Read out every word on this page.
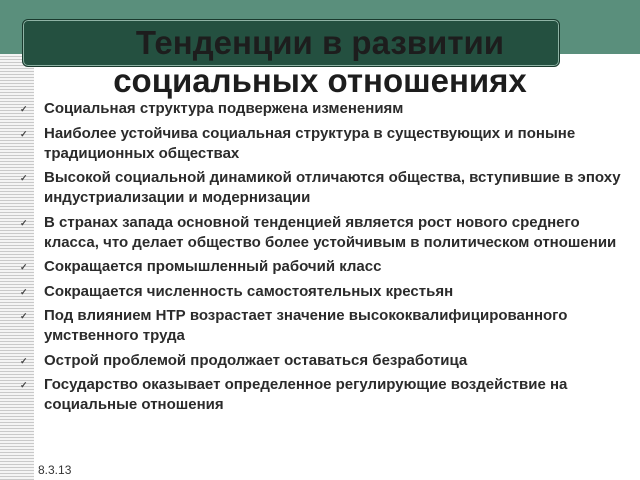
Тенденции в развитии
социальных отношениях
✓ Социальная структура подвержена изменениям
✓ Наиболее устойчива социальная структура в существующих и поныне традиционных обществах
✓ Высокой социальной динамикой отличаются общества, вступившие в эпоху индустриализации и модернизации
✓ В странах запада основной тенденцией является рост нового среднего класса, что делает общество более устойчивым в политическом отношении
✓ Сокращается промышленный рабочий класс
✓ Сокращается численность самостоятельных крестьян
✓ Под влиянием НТР возрастает значение высококвалифицированного умственного труда
✓ Острой проблемой продолжает оставаться безработица
✓ Государство оказывает определенное регулирующие воздействие на социальные отношения
8.3.13
